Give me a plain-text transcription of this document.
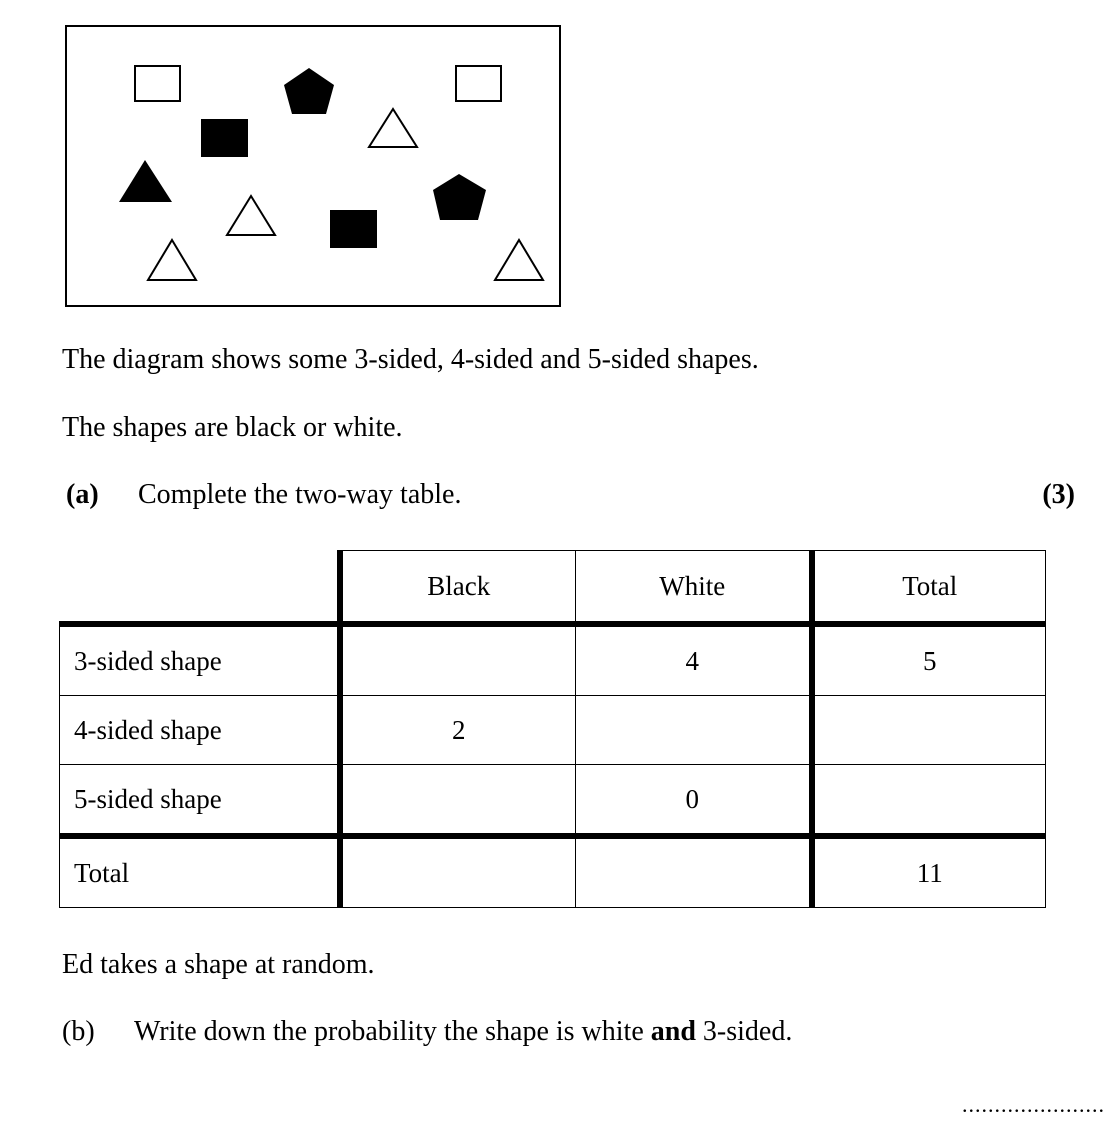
The diagram shows some 3-sided, 4-sided and 5-sided shapes.
The shapes are black or white.
(a) Complete the two-way table.	(3)
	Black	White	Total
3-sided shape		4	5
4-sided shape	2		
5-sided shape		0	
Total			11
Ed takes a shape at random.
(b) Write down the probability the shape is white and 3-sided.
......................
